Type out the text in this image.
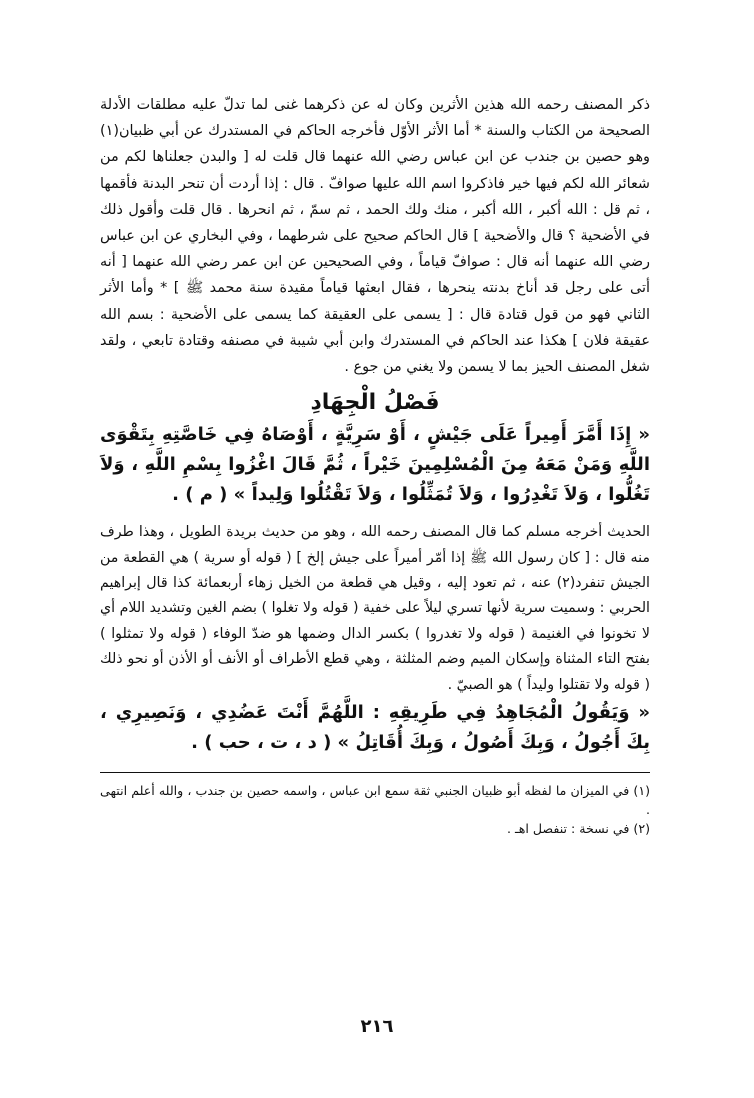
ذكر المصنف رحمه الله هذين الأثرين وكان له عن ذكرهما غنى لما تدلّ عليه مطلقات الأدلة الصحيحة من الكتاب والسنة * أما الأثر الأوّل فأخرجه الحاكم في المستدرك عن أبي ظبيان(١) وهو حصين بن جندب عن ابن عباس رضي الله عنهما قال قلت له [ والبدن جعلناها لكم من شعائر الله لكم فيها خير فاذكروا اسم الله عليها صوافّ . قال : إذا أردت أن تنحر البدنة فأقمها ، ثم قل : الله أكبر ، الله أكبر ، منك ولك الحمد ، ثم سمّ ، ثم انحرها . قال قلت وأقول ذلك في الأضحية ؟ قال والأضحية ] قال الحاكم صحيح على شرطهما ، وفي البخاري عن ابن عباس رضي الله عنهما أنه قال : صوافّ قياماً ، وفي الصحيحين عن ابن عمر رضي الله عنهما [ أنه أتى على رجل قد أناخ بدنته ينحرها ، فقال ابعثها قياماً مقيدة سنة محمد ﷺ ] * وأما الأثر الثاني فهو من قول قتادة قال : [ يسمى على العقيقة كما يسمى على الأضحية : بسم الله عقيقة فلان ] هكذا عند الحاكم في المستدرك وابن أبي شيبة في مصنفه وقتادة تابعي ، ولقد شغل المصنف الحيز بما لا يسمن ولا يغني من جوع .

فَصْلُ الْجِهَادِ

« إِذَا أَمَّرَ أَمِيراً عَلَى جَيْشٍ ، أَوْ سَرِيَّةٍ ، أَوْصَاهُ فِي خَاصَّتِهِ بِتَقْوَى اللَّهِ وَمَنْ مَعَهُ مِنَ الْمُسْلِمِينَ خَيْراً ، ثُمَّ قَالَ اغْزُوا بِسْمِ اللَّهِ ، وَلاَ تَغُلُّوا ، وَلاَ تَغْدِرُوا ، وَلاَ تُمَثِّلُوا ، وَلاَ تَقْتُلُوا وَلِيداً » ( م ) .

الحديث أخرجه مسلم كما قال المصنف رحمه الله ، وهو من حديث بريدة الطويل ، وهذا طرف منه قال : [ كان رسول الله ﷺ إذا أمّر أميراً على جيش إلخ ] ( قوله أو سرية ) هي القطعة من الجيش تنفرد(٢) عنه ، ثم تعود إليه ، وقيل هي قطعة من الخيل زهاء أربعمائة كذا قال إبراهيم الحربي : وسميت سرية لأنها تسري ليلاً على خفية ( قوله ولا تغلوا ) بضم الغين وتشديد اللام أي لا تخونوا في الغنيمة ( قوله ولا تغدروا ) بكسر الدال وضمها هو ضدّ الوفاء ( قوله ولا تمثلوا ) بفتح التاء المثناة وإسكان الميم وضم المثلثة ، وهي قطع الأطراف أو الأنف أو الأذن أو نحو ذلك ( قوله ولا تقتلوا وليداً ) هو الصبيّ .

« وَيَقُولُ الْمُجَاهِدُ فِي طَرِيقِهِ : اللَّهُمَّ أَنْتَ عَضُدِي ، وَنَصِيرِي ، بِكَ أَجُولُ ، وَبِكَ أَصُولُ ، وَبِكَ أُقَاتِلُ » ( د ، ت ، حب ) .

(١) في الميزان ما لفظه أبو ظبيان الجنبي ثقة سمع ابن عباس ، واسمه حصين بن جندب ، والله أعلم انتهى .

(٢) في نسخة : تنفصل اهـ .

٢١٦
